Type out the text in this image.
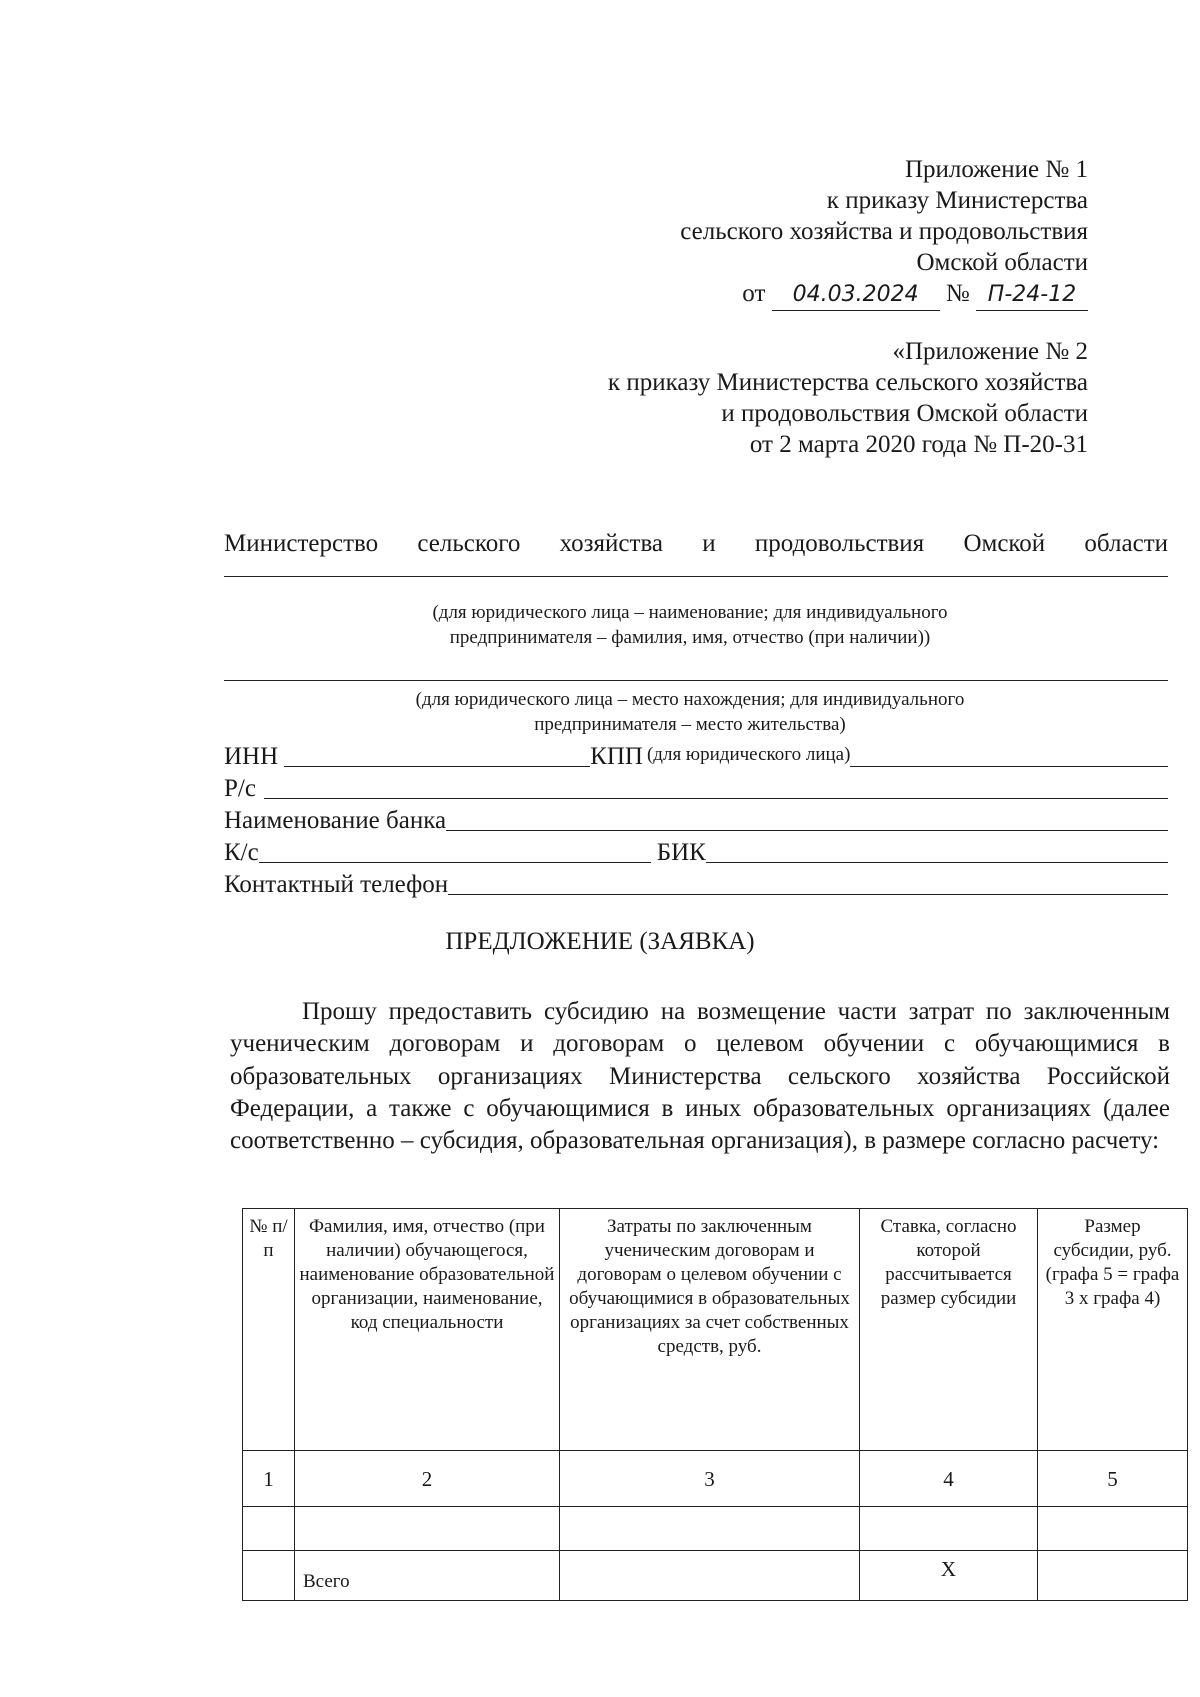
Приложение № 1
к приказу Министерства
сельского хозяйства и продовольствия
Омской области
от 04.03.2024 № П-24-12
«Приложение № 2
к приказу Министерства сельского хозяйства
и продовольствия Омской области
от 2 марта 2020 года № П-20-31
Министерство сельского хозяйства и продовольствия Омской области
(для юридического лица – наименование; для индивидуального
предпринимателя – фамилия, имя, отчество (при наличии))
(для юридического лица – место нахождения; для индивидуального
предпринимателя – место жительства)
ИНН	КПП (для юридического лица)
Р/с
Наименование банка
К/с	БИК
Контактный телефон
ПРЕДЛОЖЕНИЕ (ЗАЯВКА)
Прошу предоставить субсидию на возмещение части затрат по заключенным ученическим договорам и договорам о целевом обучении с обучающимися в образовательных организациях Министерства сельского хозяйства Российской Федерации, а также с обучающимися в иных образовательных организациях (далее соответственно – субсидия, образовательная организация), в размере согласно расчету:
№ п/п	Фамилия, имя, отчество (при наличии) обучающегося, наименование образовательной организации, наименование, код специальности	Затраты по заключенным ученическим договорам и договорам о целевом обучении с обучающимися в образовательных организациях за счет собственных средств, руб.	Ставка, согласно которой рассчитывается размер субсидии	Размер субсидии, руб. (графа 5 = графа 3 х графа 4)
1	2	3	4	5

	Всего		Х	
